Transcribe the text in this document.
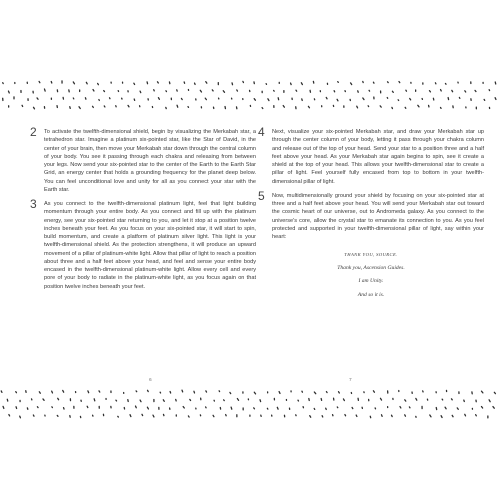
2 To activate the twelfth-dimensional shield, begin by visualizing the Merkabah star, a tetrahedron star. Imagine a platinum six-pointed star, like the Star of David, in the center of your brain, then move your Merkabah star down through the central column of your body. You see it passing through each chakra and releasing from between your legs. Now send your six-pointed star to the center of the Earth to the Earth Star Grid, an energy center that holds a grounding frequency for the planet deep below. You can feel unconditional love and unity for all as you connect your star with the Earth star.

3 As you connect to the twelfth-dimensional platinum light, feel that light building momentum through your entire body. As you connect and fill up with the platinum energy, see your six-pointed star returning to you, and let it stop at a position twelve inches beneath your feet. As you focus on your six-pointed star, it will start to spin, build momentum, and create a platform of platinum silver light. This light is your twelfth-dimensional shield. As the protection strengthens, it will produce an upward movement of a pillar of platinum-white light. Allow that pillar of light to reach a position about three and a half feet above your head, and feel and sense your entire body encased in the twelfth-dimensional platinum-white light. Allow every cell and every pore of your body to radiate in the platinum-white light, as you focus again on that position twelve inches beneath your feet.

4 Next, visualize your six-pointed Merkabah star, and draw your Merkabah star up through the center column of your body, letting it pass through your chakra column and release out of the top of your head. Send your star to a position three and a half feet above your head. As your Merkabah star again begins to spin, see it create a shield at the top of your head. This allows your twelfth-dimensional star to create a pillar of light. Feel yourself fully encased from top to bottom in your twelfth-dimensional pillar of light.

5 Now, multidimensionally ground your shield by focusing on your six-pointed star at three and a half feet above your head. You will send your Merkabah star out toward the cosmic heart of our universe, out to Andromeda galaxy. As you connect to the universe's core, allow the crystal star to emanate its connection to you. As you feel protected and supported in your twelfth-dimensional pillar of light, say within your heart:

THANK YOU, SOURCE.

Thank you, Ascension Guides.

I am Unity.

And so it is.

6	7
